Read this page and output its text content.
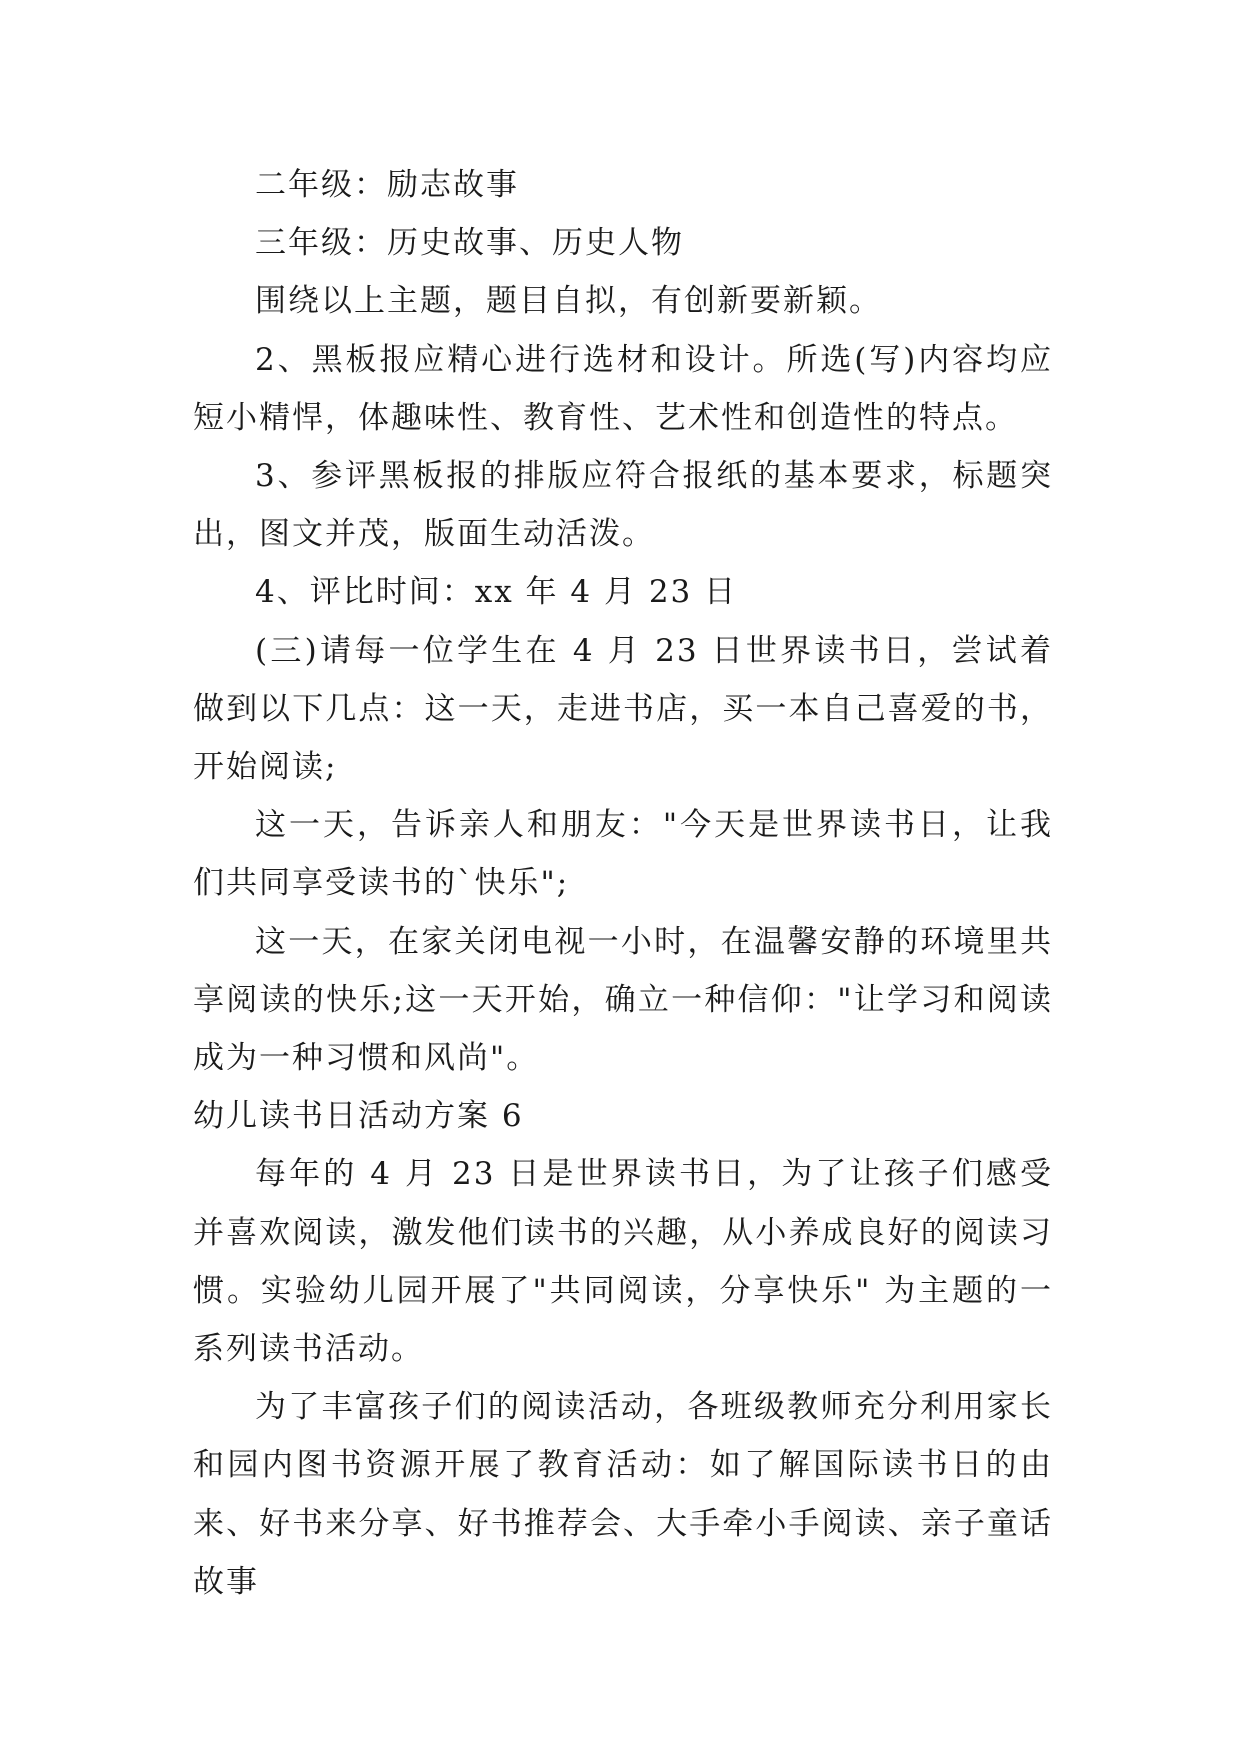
二年级：励志故事

三年级：历史故事、历史人物

围绕以上主题，题目自拟，有创新要新颖。

2、黑板报应精心进行选材和设计。所选(写)内容均应短小精悍，体趣味性、教育性、艺术性和创造性的特点。

3、参评黑板报的排版应符合报纸的基本要求，标题突出，图文并茂，版面生动活泼。

4、评比时间：xx 年 4 月 23 日

(三)请每一位学生在 4 月 23 日世界读书日，尝试着做到以下几点：这一天，走进书店，买一本自己喜爱的书，开始阅读;

这一天，告诉亲人和朋友："今天是世界读书日，让我们共同享受读书的`快乐";

这一天，在家关闭电视一小时，在温馨安静的环境里共享阅读的快乐;这一天开始，确立一种信仰："让学习和阅读成为一种习惯和风尚"。

幼儿读书日活动方案 6

每年的 4 月 23 日是世界读书日，为了让孩子们感受并喜欢阅读，激发他们读书的兴趣，从小养成良好的阅读习惯。实验幼儿园开展了"共同阅读，分享快乐" 为主题的一系列读书活动。

为了丰富孩子们的阅读活动，各班级教师充分利用家长和园内图书资源开展了教育活动：如了解国际读书日的由来、好书来分享、好书推荐会、大手牵小手阅读、亲子童话故事
